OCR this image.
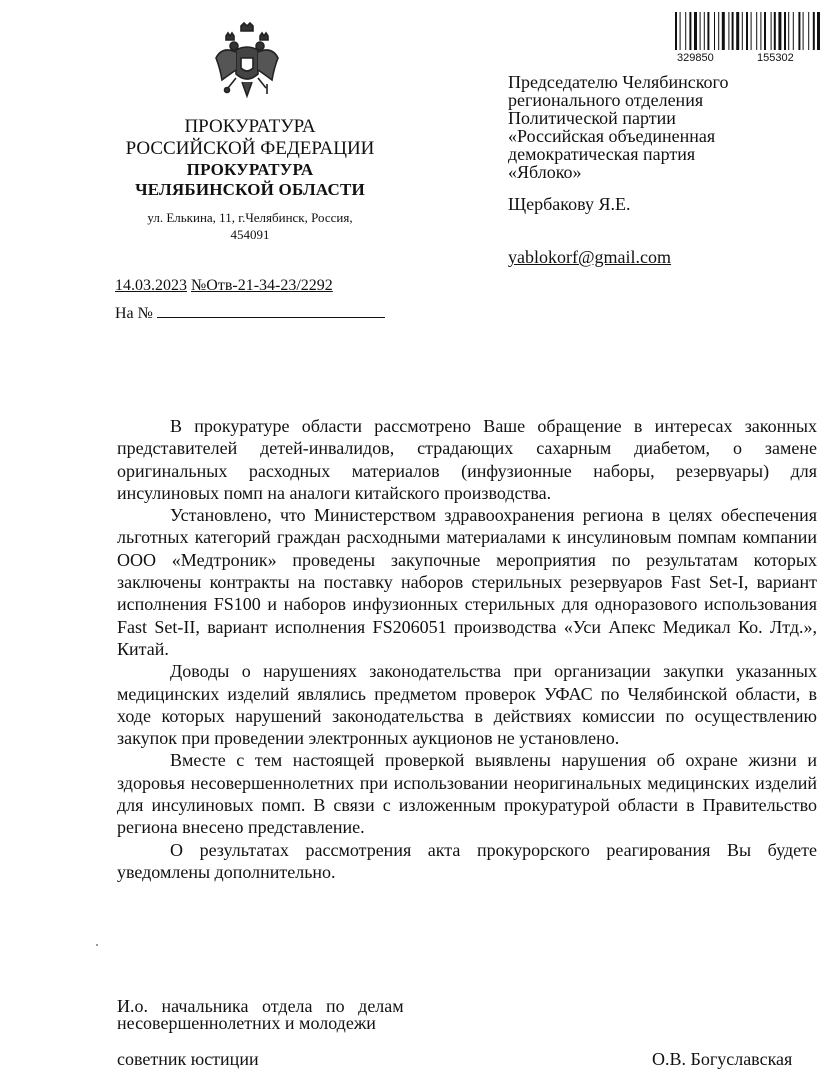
ПРОКУРАТУРА
РОССИЙСКОЙ ФЕДЕРАЦИИ
ПРОКУРАТУРА
ЧЕЛЯБИНСКОЙ ОБЛАСТИ
ул. Елькина, 11, г.Челябинск, Россия,
454091
14.03.2023 №Отв-21-34-23/2292
На №
329850	155302
Председателю Челябинского
регионального отделения
Политической партии
«Российская объединенная
демократическая партия
«Яблоко»
Щербакову Я.Е.
yablokorf@gmail.com

В прокуратуре области рассмотрено Ваше обращение в интересах законных представителей детей-инвалидов, страдающих сахарным диабетом, о замене оригинальных расходных материалов (инфузионные наборы, резервуары) для инсулиновых помп на аналоги китайского производства.

Установлено, что Министерством здравоохранения региона в целях обеспечения льготных категорий граждан расходными материалами к инсулиновым помпам компании ООО «Медтроник» проведены закупочные мероприятия по результатам которых заключены контракты на поставку наборов стерильных резервуаров Fast Set-I, вариант исполнения FS100 и наборов инфузионных стерильных для одноразового использования Fast Set-II, вариант исполнения FS206051 производства «Уси Апекс Медикал Ко. Лтд.», Китай.

Доводы о нарушениях законодательства при организации закупки указанных медицинских изделий являлись предметом проверок УФАС по Челябинской области, в ходе которых нарушений законодательства в действиях комиссии по осуществлению закупок при проведении электронных аукционов не установлено.

Вместе с тем настоящей проверкой выявлены нарушения об охране жизни и здоровья несовершеннолетних при использовании неоригинальных медицинских изделий для инсулиновых помп. В связи с изложенным прокуратурой области в Правительство региона внесено представление.

О результатах рассмотрения акта прокурорского реагирования Вы будете уведомлены дополнительно.

И.о.   начальника   отдела   по   делам
несовершеннолетних и молодежи
советник юстиции	О.В. Богуславская
